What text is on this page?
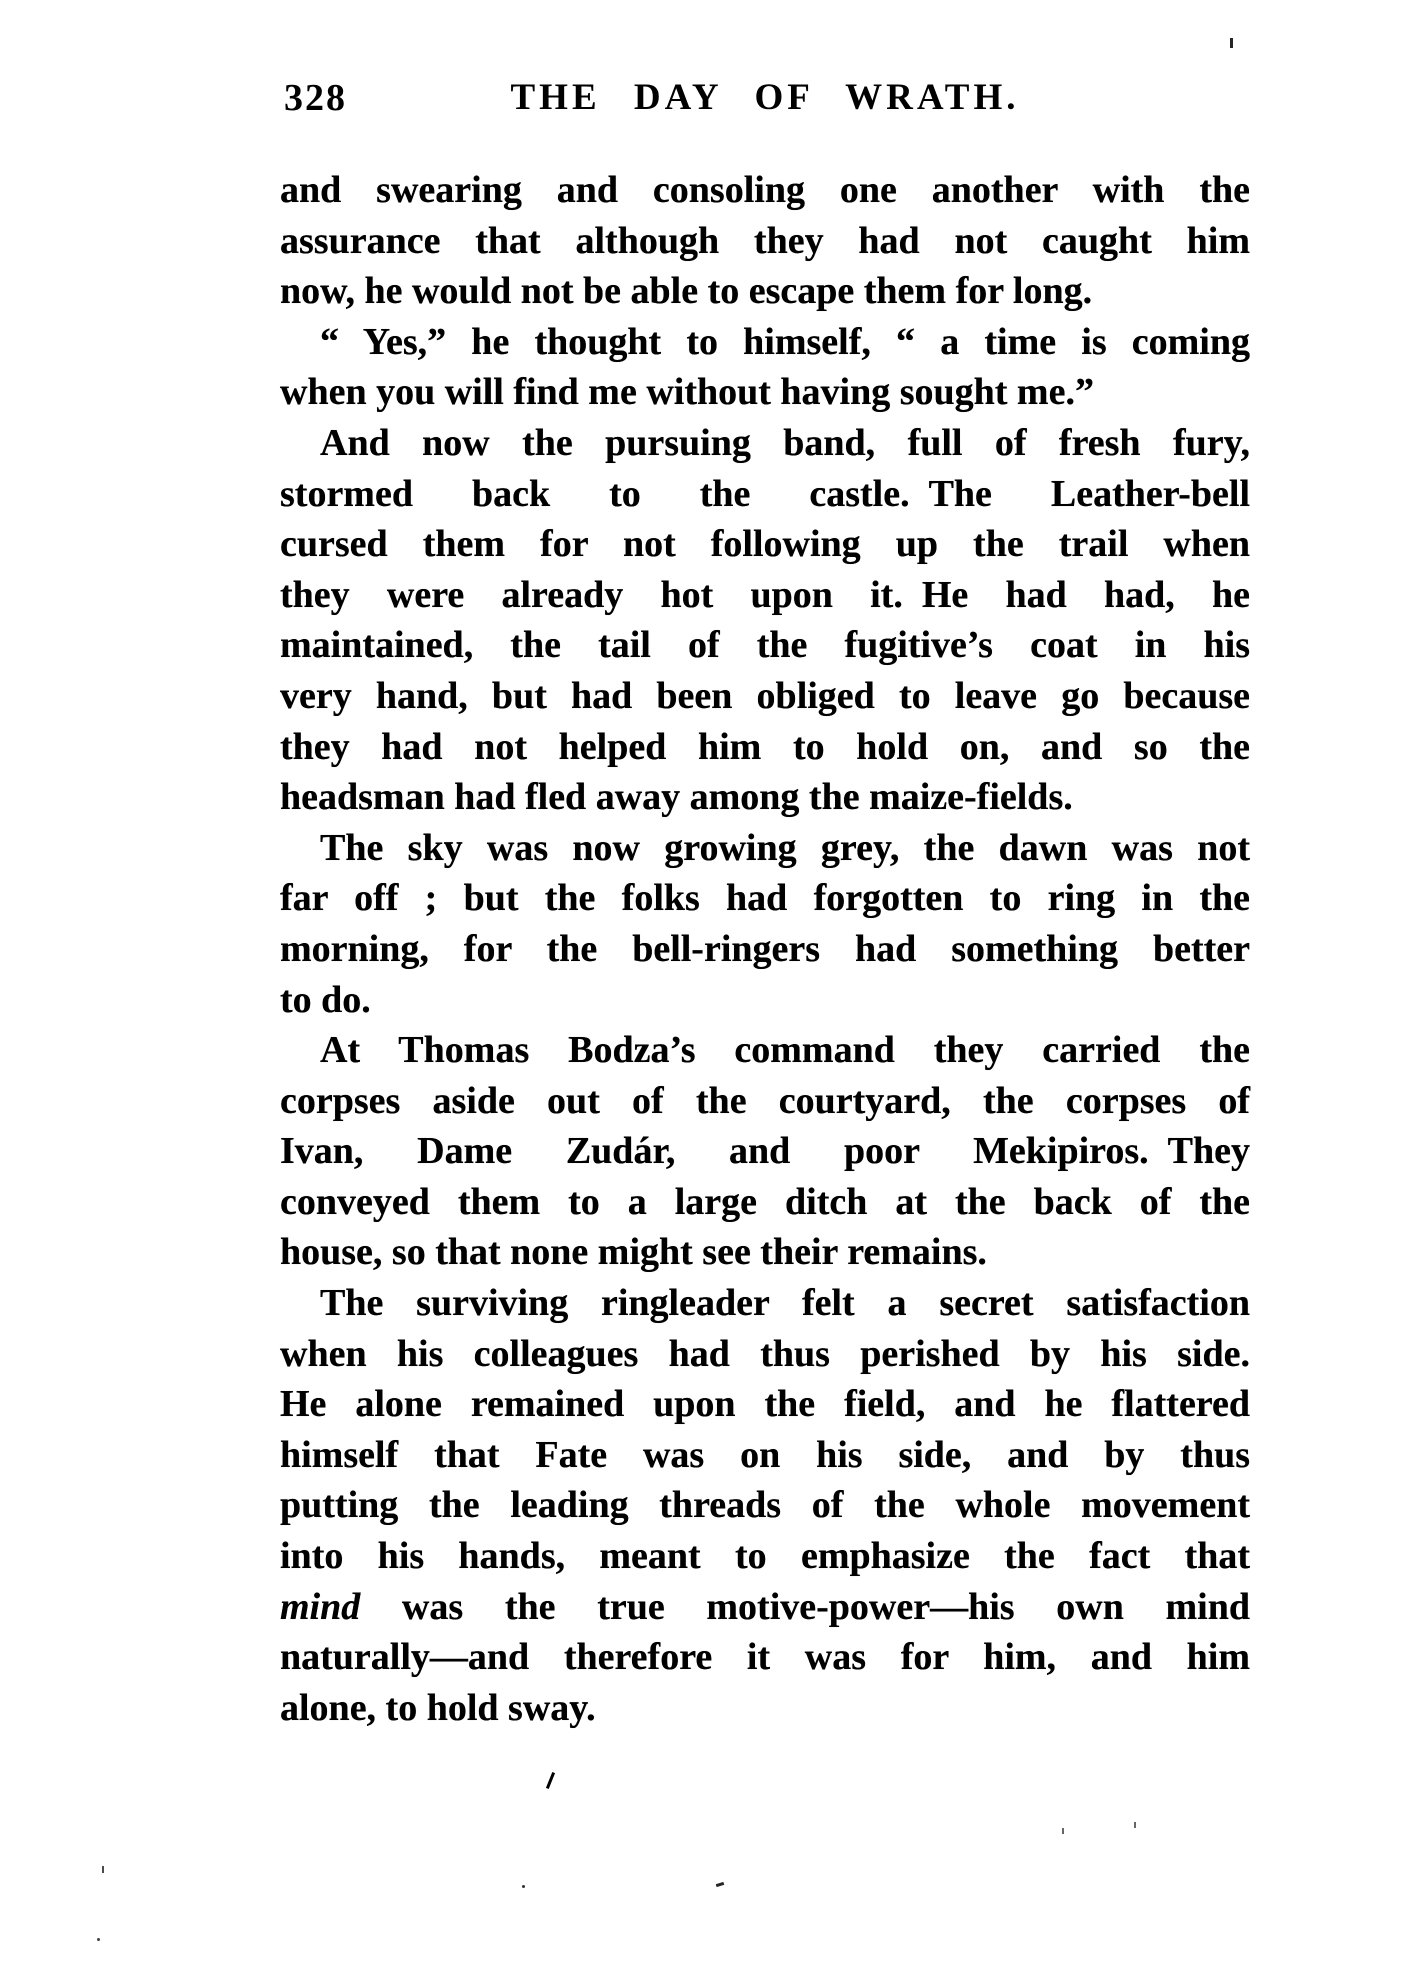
328	THE DAY OF WRATH.
and swearing and consoling one another with the
assurance that although they had not caught him
now, he would not be able to escape them for long.
“ Yes,” he thought to himself, “ a time is coming
when you will find me without having sought me.”
And now the pursuing band, full of fresh fury,
stormed back to the castle. The Leather-bell
cursed them for not following up the trail when
they were already hot upon it. He had had, he
maintained, the tail of the fugitive’s coat in his
very hand, but had been obliged to leave go because
they had not helped him to hold on, and so the
headsman had fled away among the maize-fields.
The sky was now growing grey, the dawn was not
far off ; but the folks had forgotten to ring in the
morning, for the bell-ringers had something better
to do.
At Thomas Bodza’s command they carried the
corpses aside out of the courtyard, the corpses of
Ivan, Dame Zudár, and poor Mekipiros. They
conveyed them to a large ditch at the back of the
house, so that none might see their remains.
The surviving ringleader felt a secret satisfaction
when his colleagues had thus perished by his side.
He alone remained upon the field, and he flattered
himself that Fate was on his side, and by thus
putting the leading threads of the whole movement
into his hands, meant to emphasize the fact that
mind was the true motive-power—his own mind
naturally—and therefore it was for him, and him
alone, to hold sway.
